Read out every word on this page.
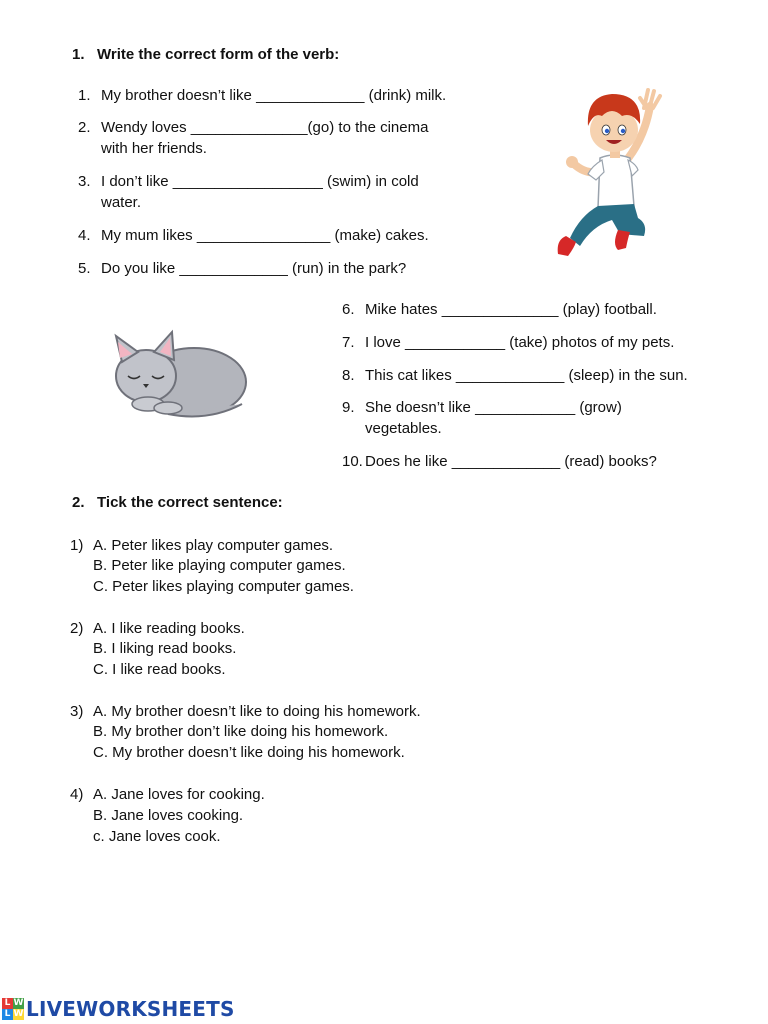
1. Write the correct form of the verb:
1. My brother doesn’t like _____________ (drink) milk.
2. Wendy loves ______________(go) to the cinema
with her friends.
3. I don’t like __________________ (swim) in cold
water.
4. My mum likes ________________ (make) cakes.
5. Do you like _____________ (run) in the park?
6. Mike hates ______________ (play) football.
7. I love ____________ (take) photos of my pets.
8. This cat likes _____________ (sleep) in the sun.
9. She doesn’t like ____________ (grow)
vegetables.
10. Does he like _____________ (read) books?
2. Tick the correct sentence:
1) A. Peter likes play computer games.
B. Peter like playing computer games.
C. Peter likes playing computer games.
2) A. I like reading books.
B. I liking read books.
C. I like read books.
3) A. My brother doesn’t like to doing his homework.
B. My brother don’t like doing his homework.
C. My brother doesn’t like doing his homework.
4) A. Jane loves for cooking.
B. Jane loves cooking.
c. Jane loves cook.
L W
L W LIVEWORKSHEETS
